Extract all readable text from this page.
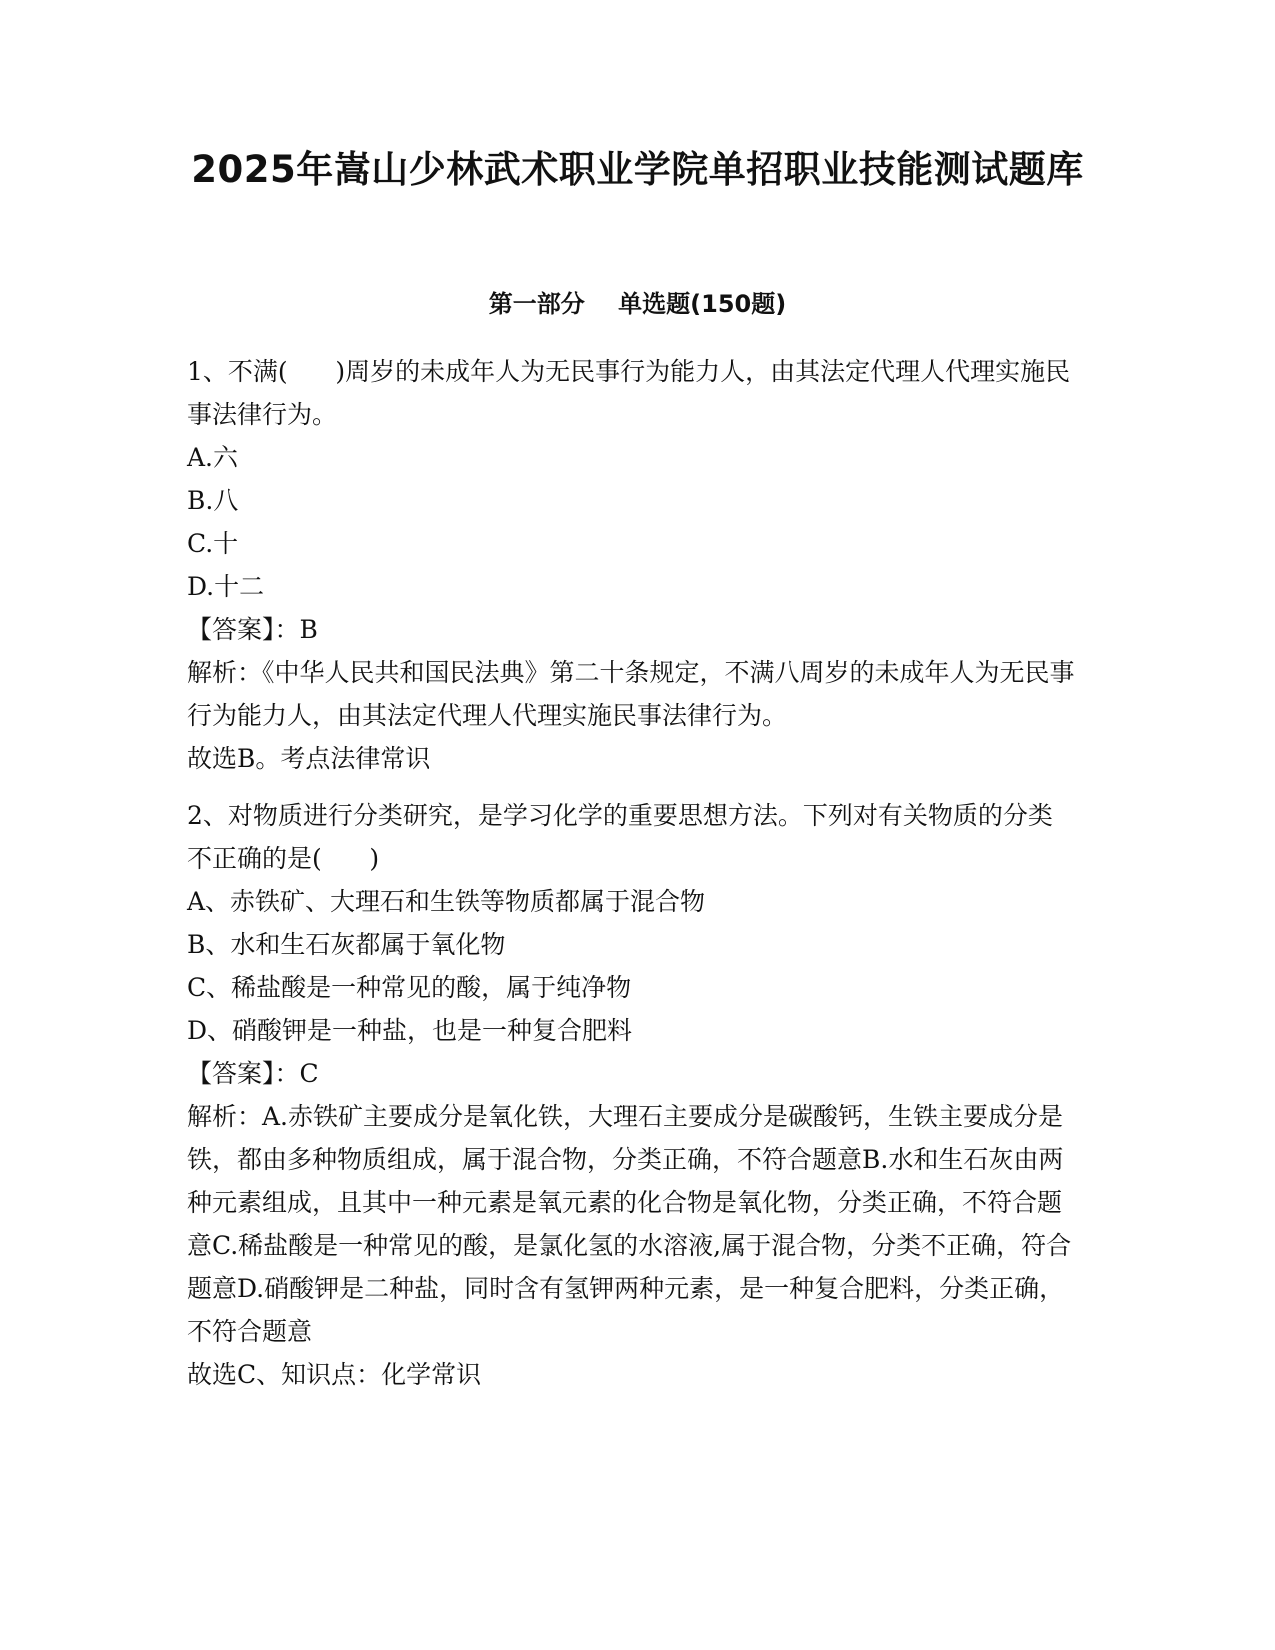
2025年嵩山少林武术职业学院单招职业技能测试题库
第一部分    单选题(150题)

1、不满(      )周岁的未成年人为无民事行为能力人，由其法定代理人代理实施民事法律行为。

A.六

B.八

C.十

D.十二

【答案】：B

解析：《中华人民共和国民法典》第二十条规定，不满八周岁的未成年人为无民事行为能力人，由其法定代理人代理实施民事法律行为。

故选B。考点法律常识

2、对物质进行分类研究，是学习化学的重要思想方法。下列对有关物质的分类不正确的是(      )

A、赤铁矿、大理石和生铁等物质都属于混合物

B、水和生石灰都属于氧化物

C、稀盐酸是一种常见的酸，属于纯净物

D、硝酸钾是一种盐，也是一种复合肥料

【答案】：C

解析：A.赤铁矿主要成分是氧化铁，大理石主要成分是碳酸钙，生铁主要成分是铁，都由多种物质组成，属于混合物，分类正确，不符合题意B.水和生石灰由两种元素组成，且其中一种元素是氧元素的化合物是氧化物，分类正确，不符合题意C.稀盐酸是一种常见的酸，是氯化氢的水溶液,属于混合物，分类不正确，符合题意D.硝酸钾是二种盐，同时含有氢钾两种元素，是一种复合肥料，分类正确，不符合题意

故选C、知识点：化学常识
